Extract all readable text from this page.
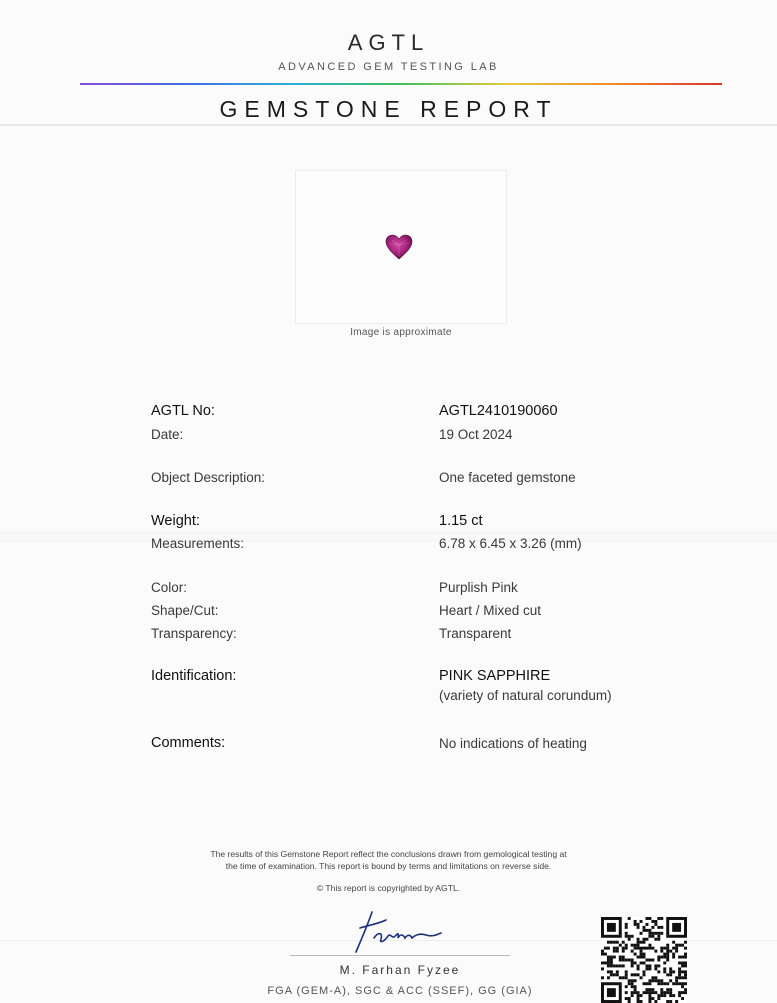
AGTL
ADVANCED GEM TESTING LAB
GEMSTONE REPORT
Image is approximate
AGTL No:	AGTL2410190060
Date:	19 Oct 2024
Object Description:	One faceted gemstone
Weight:	1.15 ct
Measurements:	6.78 x 6.45 x 3.26 (mm)
Color:	Purplish Pink
Shape/Cut:	Heart / Mixed cut
Transparency:	Transparent
Identification:	PINK SAPPHIRE
(variety of natural corundum)
Comments:	No indications of heating
The results of this Gemstone Report reflect the conclusions drawn from gemological testing at
the time of examination. This report is bound by terms and limitations on reverse side.
© This report is copyrighted by AGTL.
M. Farhan Fyzee
FGA (GEM-A), SGC & ACC (SSEF), GG (GIA)
